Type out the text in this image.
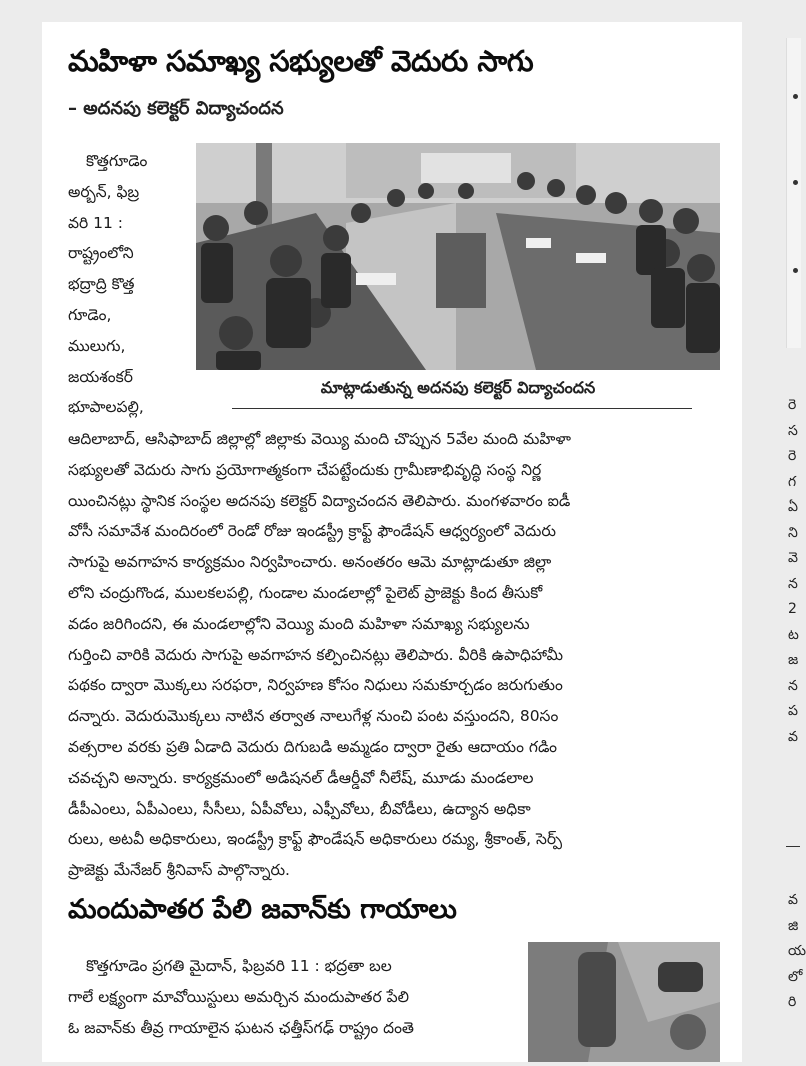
మహిళా సమాఖ్య సభ్యులతో వెదురు సాగు
– అదనపు కలెక్టర్ విద్యాచందన
కొత్తగూడెం
అర్బన్, ఫిబ్ర
వరి 11 :
రాష్ట్రంలోని
భద్రాద్రి కొత్త
గూడెం,
ములుగు,
జయశంకర్
భూపాలపల్లి,
మాట్లాడుతున్న అదనపు కలెక్టర్ విద్యాచందన
ఆదిలాబాద్, ఆసిఫాబాద్ జిల్లాల్లో జిల్లాకు వెయ్యి మంది చొప్పున 5వేల మంది మహిళా
సభ్యులతో వెదురు సాగు ప్రయోగాత్మకంగా చేపట్టేందుకు గ్రామీణాభివృద్ధి సంస్థ నిర్ణ
యించినట్లు స్థానిక సంస్థల అదనపు కలెక్టర్ విద్యాచందన తెలిపారు. మంగళవారం ఐడీ
వోసీ సమావేశ మందిరంలో రెండో రోజు ఇండస్ట్రీ క్రాఫ్ట్ ఫౌండేషన్ ఆధ్వర్యంలో వెదురు
సాగుపై అవగాహన కార్యక్రమం నిర్వహించారు. అనంతరం ఆమె మాట్లాడుతూ జిల్లా
లోని చంద్రుగొండ, ములకలపల్లి, గుండాల మండలాల్లో పైలెట్ ప్రాజెక్టు కింద తీసుకో
వడం జరిగిందని, ఈ మండలాల్లోని వెయ్యి మంది మహిళా సమాఖ్య సభ్యులను
గుర్తించి వారికి వెదురు సాగుపై అవగాహన కల్పించినట్లు తెలిపారు. వీరికి ఉపాధిహామీ
పథకం ద్వారా మొక్కలు సరఫరా, నిర్వహణ కోసం నిధులు సమకూర్చడం జరుగుతుం
దన్నారు. వెదురుమొక్కలు నాటిన తర్వాత నాలుగేళ్ల నుంచి పంట వస్తుందని, 80సం
వత్సరాల వరకు ప్రతి ఏడాది వెదురు దిగుబడి అమ్మడం ద్వారా రైతు ఆదాయం గడిం
చవచ్చని అన్నారు. కార్యక్రమంలో అడిషనల్ డీఆర్డీవో నీలేష్, మూడు మండలాల
డీపీఎంలు, ఏపీఎంలు, సీసీలు, ఏపీవోలు, ఎఫ్పీవోలు, బీవోడీలు, ఉద్యాన అధికా
రులు, అటవీ అధికారులు, ఇండస్ట్రీ క్రాఫ్ట్ ఫౌండేషన్ అధికారులు రమ్య, శ్రీకాంత్, సెర్ప్
ప్రాజెక్టు మేనేజర్ శ్రీనివాస్ పాల్గొన్నారు.
మందుపాతర పేలి జవాన్‌కు గాయాలు
కొత్తగూడెం ప్రగతి మైదాన్, ఫిబ్రవరి 11 : భద్రతా బల
గాలే లక్ష్యంగా మావోయిస్టులు అమర్చిన మందుపాతర పేలి
ఓ జవాన్‌కు తీవ్ర గాయాలైన ఘటన ఛత్తీస్‌గఢ్ రాష్ట్రం దంతె
రె
స
రె
గ
ఏ
ని
వె
న
2
ట
జ
న
ప
వ
వ
జి
య
లో
రి
